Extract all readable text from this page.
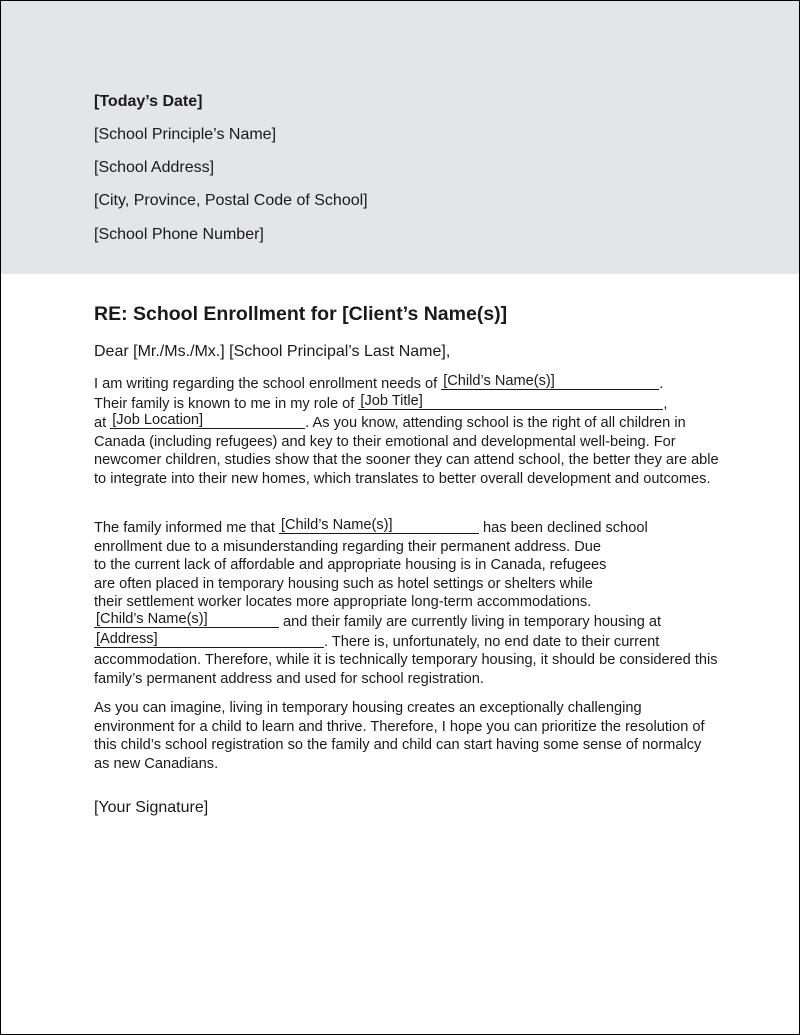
[Today’s Date]
[School Principle’s Name]
[School Address]
[City, Province, Postal Code of School]
[School Phone Number]
RE: School Enrollment for [Client’s Name(s)]
Dear [Mr./Ms./Mx.] [School Principal’s Last Name],
I am writing regarding the school enrollment needs of [Child’s Name(s)]	.
Their family is known to me in my role of [Job Title]	,
at [Job Location]	. As you know, attending school is the right of all children in Canada (including refugees) and key to their emotional and developmental well-being. For newcomer children, studies show that the sooner they can attend school, the better they are able to integrate into their new homes, which translates to better overall development and outcomes.
The family informed me that [Child’s Name(s)]	has been declined school
enrollment due to a misunderstanding regarding their permanent address. Due
to the current lack of affordable and appropriate housing is in Canada, refugees
are often placed in temporary housing such as hotel settings or shelters while
their settlement worker locates more appropriate long-term accommodations.
[Child’s Name(s)]	and their family are currently living in temporary housing at
[Address]	. There is, unfortunately, no end date to their current accommodation. Therefore, while it is technically temporary housing, it should be considered this family’s permanent address and used for school registration.
As you can imagine, living in temporary housing creates an exceptionally challenging environment for a child to learn and thrive. Therefore, I hope you can prioritize the resolution of this child’s school registration so the family and child can start having some sense of normalcy as new Canadians.
[Your Signature]
